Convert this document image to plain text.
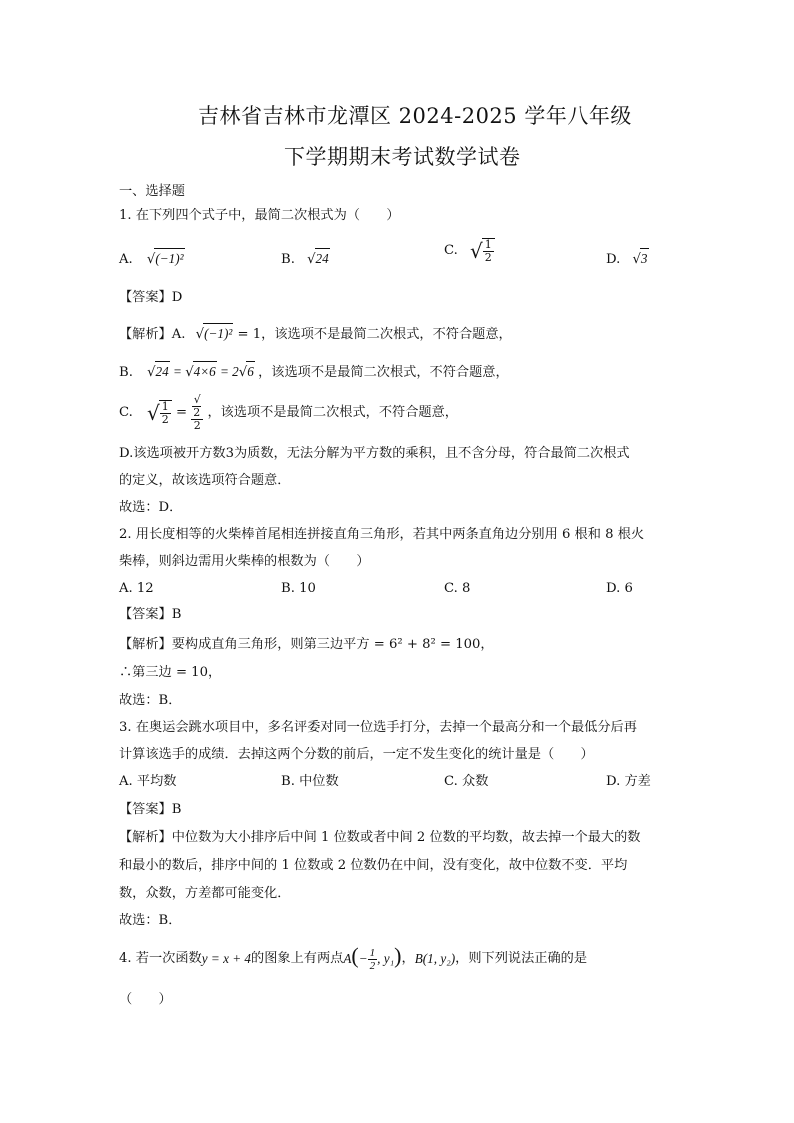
吉林省吉林市龙潭区 2024-2025 学年八年级
下学期期末考试数学试卷
一、选择题
1. 在下列四个式子中，最简二次根式为（　　）
A. √(−1)²	B. √24
C. √ $\frac{1}{2}$	D. √3
【答案】D
【解析】A. √(−1)² = 1，该选项不是最简二次根式，不符合题意，
B. √24 = √4×6 = 2√6 ，该选项不是最简二次根式，不符合题意，
C. √ $\frac{1}{2}$ = √
2
2 ，该选项不是最简二次根式，不符合题意，
D.该选项被开方数3为质数，无法分解为平方数的乘积，且不含分母，符合最简二次根式
的定义，故该选项符合题意．
故选：D．
2. 用长度相等的火柴棒首尾相连拼接直角三角形，若其中两条直角边分别用 6 根和 8 根火
柴棒，则斜边需用火柴棒的根数为（　　）
A. 12	B. 10	C. 8	D. 6
【答案】B
【解析】要构成直角三角形，则第三边平方 = 6² + 8² = 100，
∴第三边 = 10，
故选：B．
3. 在奥运会跳水项目中，多名评委对同一位选手打分，去掉一个最高分和一个最低分后再
计算该选手的成绩．去掉这两个分数的前后，一定不发生变化的统计量是（　　）
A. 平均数	B. 中位数	C. 众数	D. 方差
【答案】B
【解析】中位数为大小排序后中间 1 位数或者中间 2 位数的平均数，故去掉一个最大的数
和最小的数后，排序中间的 1 位数或 2 位数仍在中间，没有变化，故中位数不变．平均
数，众数，方差都可能变化．
故选：B．
4. 若一次函数y = x + 4的图象上有两点$A(- \frac{1}{2}$ , y₁)，B(1, y₂)，则下列说法正确的是
（　　）
